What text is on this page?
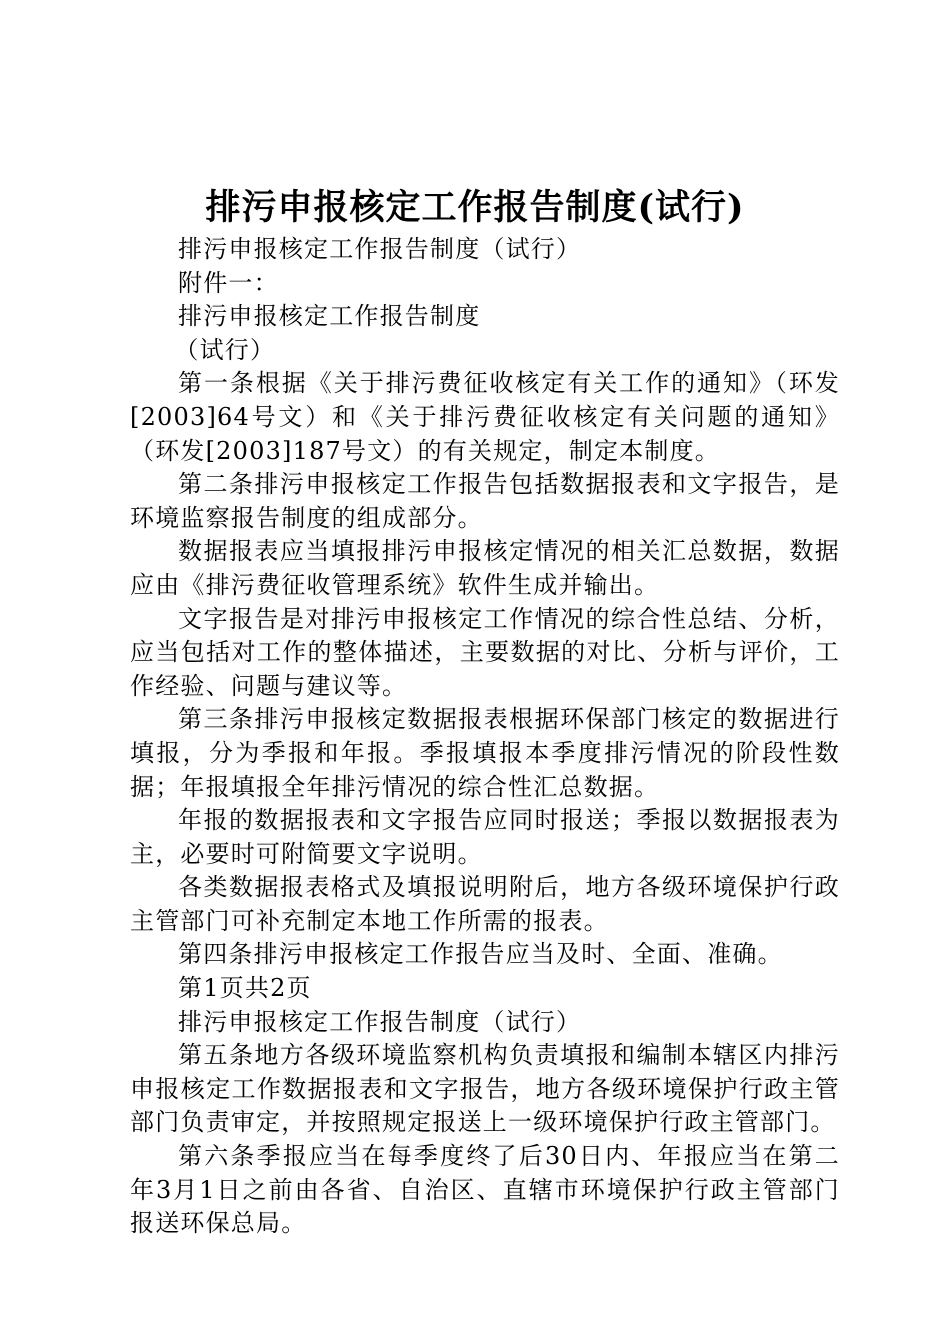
排污申报核定工作报告制度(试行)

排污申报核定工作报告制度（试行）

附件一：

排污申报核定工作报告制度

（试行）

第一条根据《关于排污费征收核定有关工作的通知》（环发[2003]64号文）和《关于排污费征收核定有关问题的通知》（环发[2003]187号文）的有关规定，制定本制度。

第二条排污申报核定工作报告包括数据报表和文字报告，是环境监察报告制度的组成部分。

数据报表应当填报排污申报核定情况的相关汇总数据，数据应由《排污费征收管理系统》软件生成并输出。

文字报告是对排污申报核定工作情况的综合性总结、分析，应当包括对工作的整体描述，主要数据的对比、分析与评价，工作经验、问题与建议等。

第三条排污申报核定数据报表根据环保部门核定的数据进行填报，分为季报和年报。季报填报本季度排污情况的阶段性数据；年报填报全年排污情况的综合性汇总数据。

年报的数据报表和文字报告应同时报送；季报以数据报表为主，必要时可附简要文字说明。

各类数据报表格式及填报说明附后，地方各级环境保护行政主管部门可补充制定本地工作所需的报表。

第四条排污申报核定工作报告应当及时、全面、准确。

第1页共2页

排污申报核定工作报告制度（试行）

第五条地方各级环境监察机构负责填报和编制本辖区内排污申报核定工作数据报表和文字报告，地方各级环境保护行政主管部门负责审定，并按照规定报送上一级环境保护行政主管部门。

第六条季报应当在每季度终了后30日内、年报应当在第二年3月1日之前由各省、自治区、直辖市环境保护行政主管部门报送环保总局。
